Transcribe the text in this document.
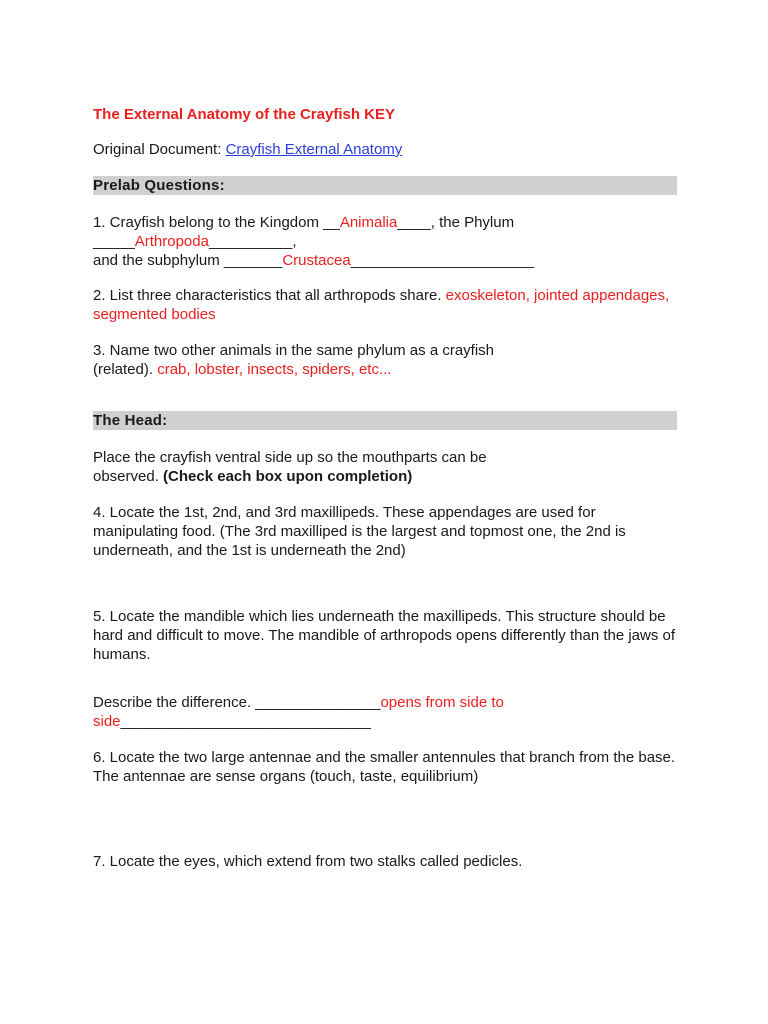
The External Anatomy of the Crayfish KEY
Original Document: Crayfish External Anatomy
Prelab Questions:
1. Crayfish belong to the Kingdom __Animalia____, the Phylum
_____Arthropoda__________,
and the subphylum _______Crustacea______________________
2. List three characteristics that all arthropods share. exoskeleton, jointed appendages, segmented bodies
3. Name two other animals in the same phylum as a crayfish
(related). crab, lobster, insects, spiders, etc...
The Head:
Place the crayfish ventral side up so the mouthparts can be
observed. (Check each box upon completion)
4. Locate the 1st, 2nd, and 3rd maxillipeds. These appendages are used for manipulating food. (The 3rd maxilliped is the largest and topmost one, the 2nd is underneath, and the 1st is underneath the 2nd)
5. Locate the mandible which lies underneath the maxillipeds. This structure should be hard and difficult to move. The mandible of arthropods opens differently than the jaws of humans.
Describe the difference. _______________opens from side to
side______________________________
6. Locate the two large antennae and the smaller antennules that branch from the base. The antennae are sense organs (touch, taste, equilibrium)
7. Locate the eyes, which extend from two stalks called pedicles.
